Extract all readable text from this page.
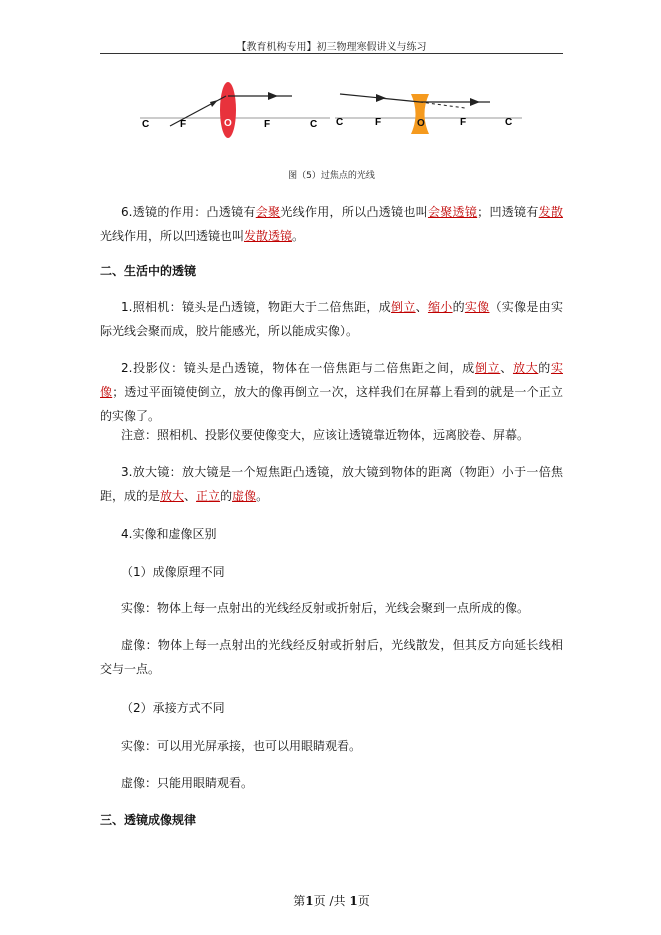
【教育机构专用】初三物理寒假讲义与练习
C	F	O	F	C C	F	O	F	C
图（5）过焦点的光线

6.透镜的作用：凸透镜有会聚光线作用，所以凸透镜也叫会聚透镜；凹透镜有发散光线作用，所以凹透镜也叫发散透镜。

二、生活中的透镜

1.照相机：镜头是凸透镜，物距大于二倍焦距，成倒立、缩小的实像（实像是由实际光线会聚而成，胶片能感光，所以能成实像）。

2.投影仪：镜头是凸透镜，物体在一倍焦距与二倍焦距之间，成倒立、放大的实像；透过平面镜使倒立，放大的像再倒立一次，这样我们在屏幕上看到的就是一个正立的实像了。

注意：照相机、投影仪要使像变大，应该让透镜靠近物体，远离胶卷、屏幕。

3.放大镜：放大镜是一个短焦距凸透镜，放大镜到物体的距离（物距）小于一倍焦距，成的是放大、正立的虚像。

4.实像和虚像区别

（1）成像原理不同

实像：物体上每一点射出的光线经反射或折射后，光线会聚到一点所成的像。

虚像：物体上每一点射出的光线经反射或折射后，光线散发，但其反方向延长线相交与一点。

（2）承接方式不同

实像：可以用光屏承接，也可以用眼睛观看。

虚像：只能用眼睛观看。

三、透镜成像规律

第1页 /共 1页
